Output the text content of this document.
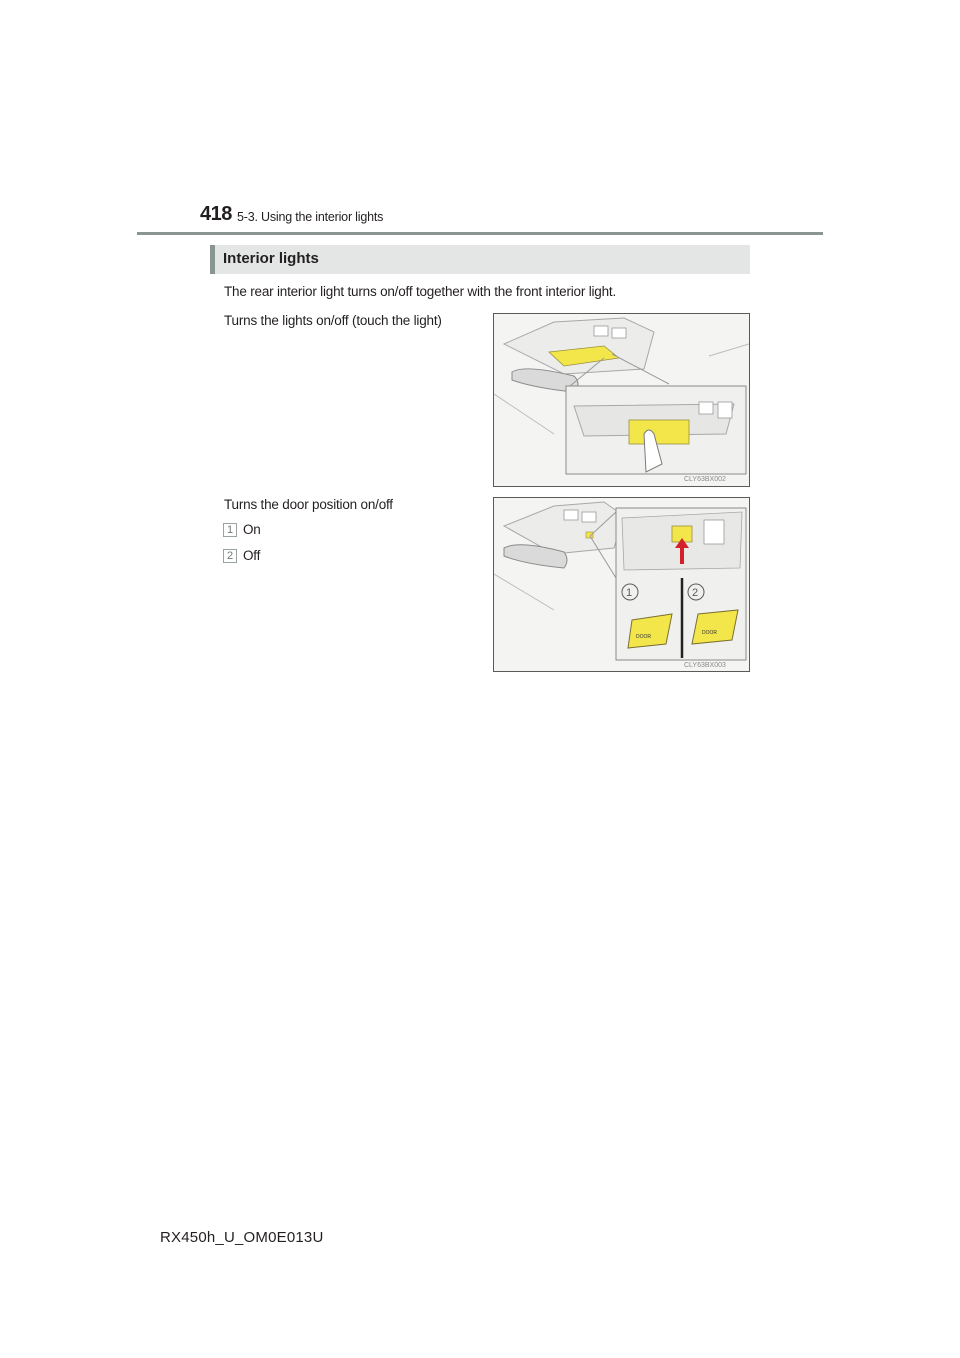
418 5-3. Using the interior lights
Interior lights
The rear interior light turns on/off together with the front interior light.
Turns the lights on/off (touch the light)
Turns the door position on/off
1 On
2 Off
CLY63BX002
1	2
DOOR
DOOR
CLY63BX003
RX450h_U_OM0E013U
